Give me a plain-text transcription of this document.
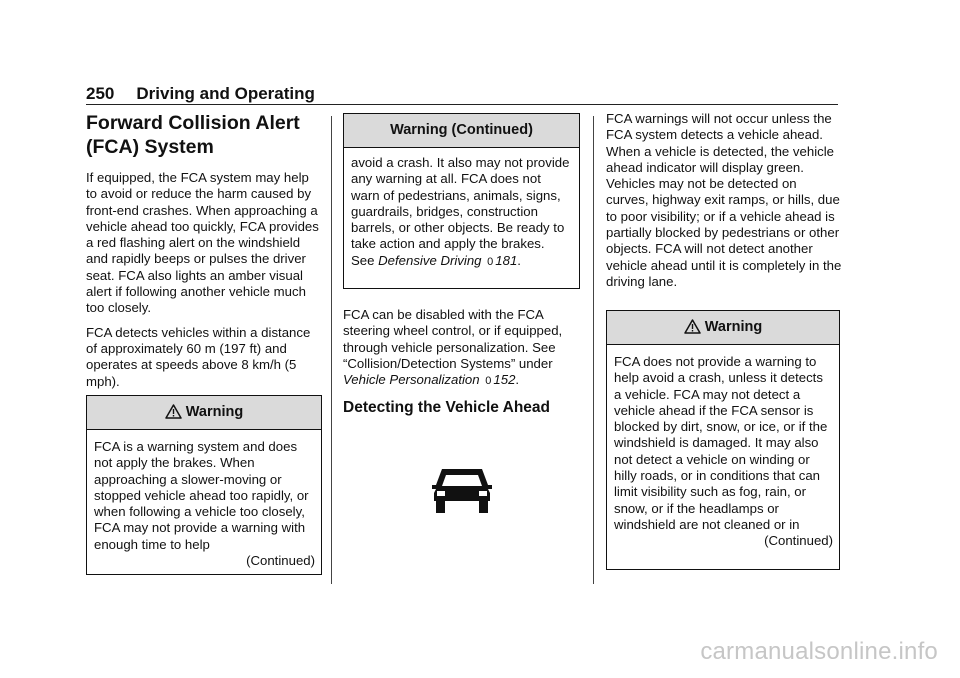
250 Driving and Operating
Forward Collision Alert
(FCA) System

If equipped, the FCA system may help to avoid or reduce the harm caused by front-end crashes. When approaching a vehicle ahead too quickly, FCA provides a red flashing alert on the windshield and rapidly beeps or pulses the driver seat. FCA also lights an amber visual alert if following another vehicle much too closely.

FCA detects vehicles within a distance of approximately 60 m (197 ft) and operates at speeds above 8 km/h (5 mph).

Warning
FCA is a warning system and does not apply the brakes. When approaching a slower-moving or stopped vehicle ahead too rapidly, or when following a vehicle too closely, FCA may not provide a warning with enough time to help
(Continued)
Warning (Continued)
avoid a crash. It also may not provide any warning at all. FCA does not warn of pedestrians, animals, signs, guardrails, bridges, construction barrels, or other objects. Be ready to take action and apply the brakes. See Defensive Driving 0 181.

FCA can be disabled with the FCA steering wheel control, or if equipped, through vehicle personalization. See “Collision/Detection Systems” under Vehicle Personalization 0 152.

Detecting the Vehicle Ahead

FCA warnings will not occur unless the FCA system detects a vehicle ahead. When a vehicle is detected, the vehicle ahead indicator will display green. Vehicles may not be detected on curves, highway exit ramps, or hills, due to poor visibility; or if a vehicle ahead is partially blocked by pedestrians or other objects. FCA will not detect another vehicle ahead until it is completely in the driving lane.

Warning
FCA does not provide a warning to help avoid a crash, unless it detects a vehicle. FCA may not detect a vehicle ahead if the FCA sensor is blocked by dirt, snow, or ice, or if the windshield is damaged. It may also not detect a vehicle on winding or hilly roads, or in conditions that can limit visibility such as fog, rain, or snow, or if the headlamps or windshield are not cleaned or in
(Continued)
carmanualsonline.info
